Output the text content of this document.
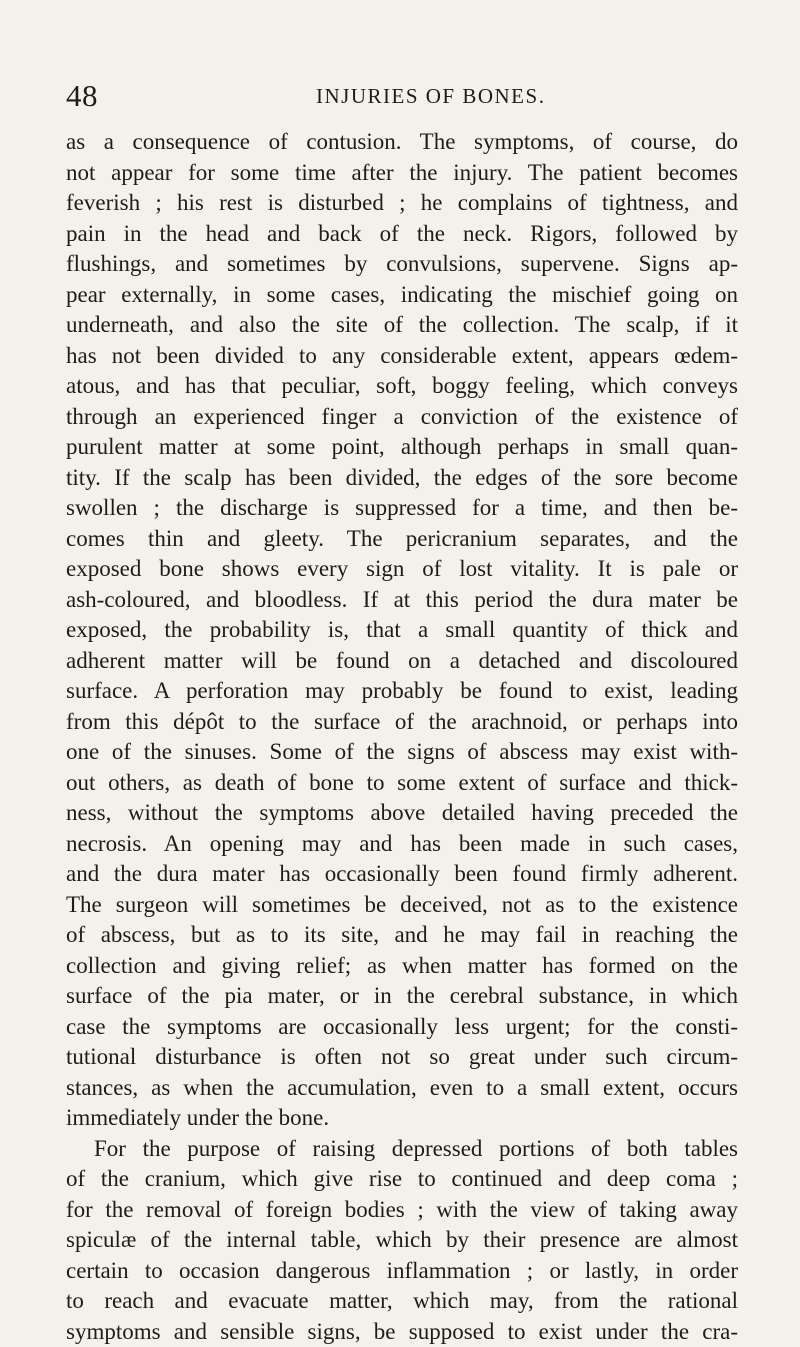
48	INJURIES OF BONES.
as a consequence of contusion. The symptoms, of course, do
not appear for some time after the injury. The patient becomes
feverish ; his rest is disturbed ; he complains of tightness, and
pain in the head and back of the neck. Rigors, followed by
flushings, and sometimes by convulsions, supervene. Signs ap-
pear externally, in some cases, indicating the mischief going on
underneath, and also the site of the collection. The scalp, if it
has not been divided to any considerable extent, appears œdem-
atous, and has that peculiar, soft, boggy feeling, which conveys
through an experienced finger a conviction of the existence of
purulent matter at some point, although perhaps in small quan-
tity. If the scalp has been divided, the edges of the sore become
swollen ; the discharge is suppressed for a time, and then be-
comes thin and gleety. The pericranium separates, and the
exposed bone shows every sign of lost vitality. It is pale or
ash-coloured, and bloodless. If at this period the dura mater be
exposed, the probability is, that a small quantity of thick and
adherent matter will be found on a detached and discoloured
surface. A perforation may probably be found to exist, leading
from this dépôt to the surface of the arachnoid, or perhaps into
one of the sinuses. Some of the signs of abscess may exist with-
out others, as death of bone to some extent of surface and thick-
ness, without the symptoms above detailed having preceded the
necrosis. An opening may and has been made in such cases,
and the dura mater has occasionally been found firmly adherent.
The surgeon will sometimes be deceived, not as to the existence
of abscess, but as to its site, and he may fail in reaching the
collection and giving relief; as when matter has formed on the
surface of the pia mater, or in the cerebral substance, in which
case the symptoms are occasionally less urgent; for the consti-
tutional disturbance is often not so great under such circum-
stances, as when the accumulation, even to a small extent, occurs
immediately under the bone.
For the purpose of raising depressed portions of both tables
of the cranium, which give rise to continued and deep coma ;
for the removal of foreign bodies ; with the view of taking away
spiculæ of the internal table, which by their presence are almost
certain to occasion dangerous inflammation ; or lastly, in order
to reach and evacuate matter, which may, from the rational
symptoms and sensible signs, be supposed to exist under the cra-
